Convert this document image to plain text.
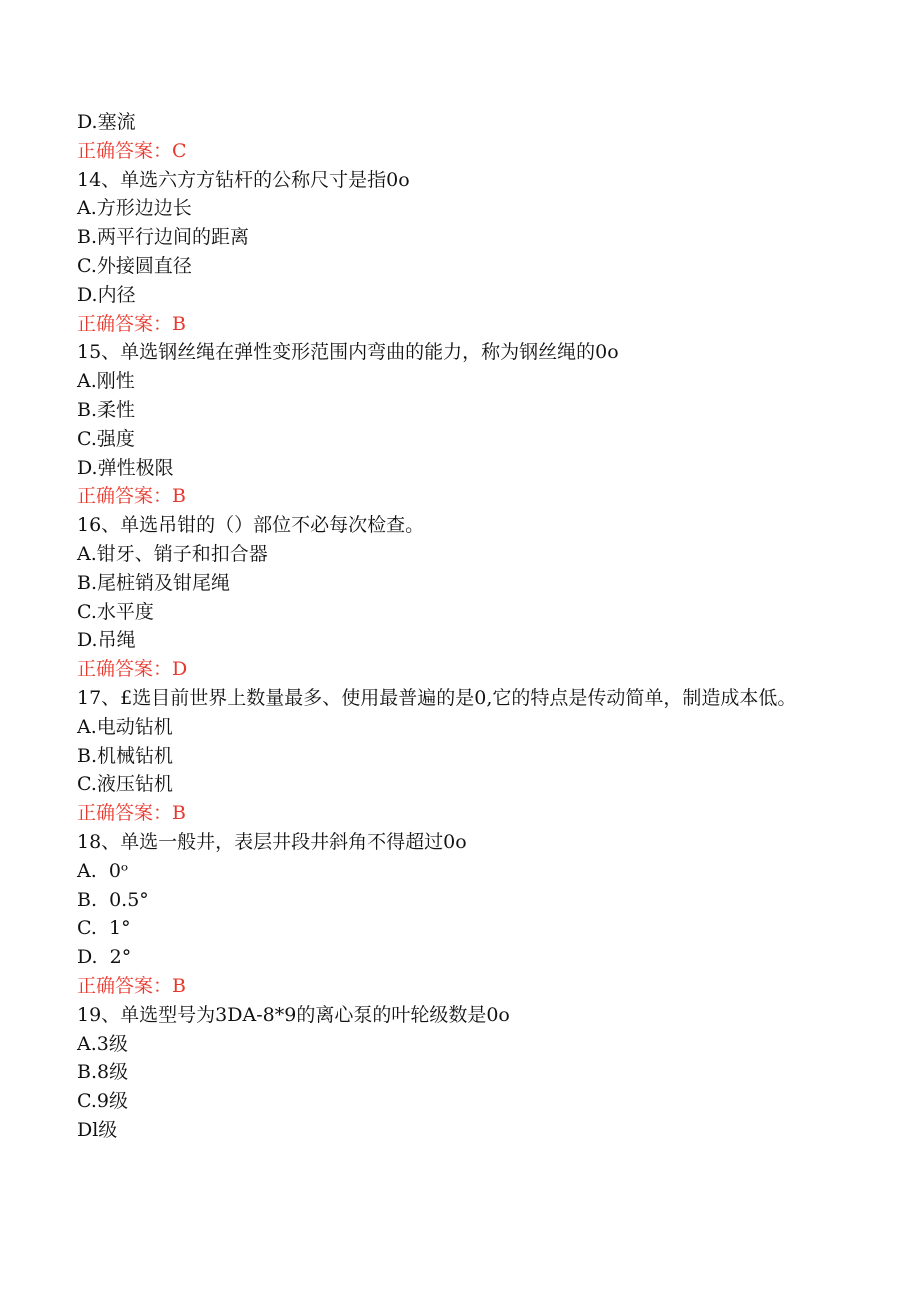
D.塞流

正确答案：C

14、单选六方方钻杆的公称尺寸是指0o

A.方形边边长

B.两平行边间的距离

C.外接圆直径

D.内径

正确答案：B

15、单选钢丝绳在弹性变形范围内弯曲的能力，称为钢丝绳的0o

A.刚性

B.柔性

C.强度

D.弹性极限

正确答案：B

16、单选吊钳的（）部位不必每次检查。

A.钳牙、销子和扣合器

B.尾桩销及钳尾绳

C.水平度

D.吊绳

正确答案：D

17、£选目前世界上数量最多、使用最普遍的是0,它的特点是传动简单，制造成本低。

A.电动钻机

B.机械钻机

C.液压钻机

正确答案：B

18、单选一般井，表层井段井斜角不得超过0o

A.  0ᵒ

B.  0.5°

C.  1°

D.  2°

正确答案：B

19、单选型号为3DA-8*9的离心泵的叶轮级数是0o

A.3级

B.8级

C.9级

Dl级
